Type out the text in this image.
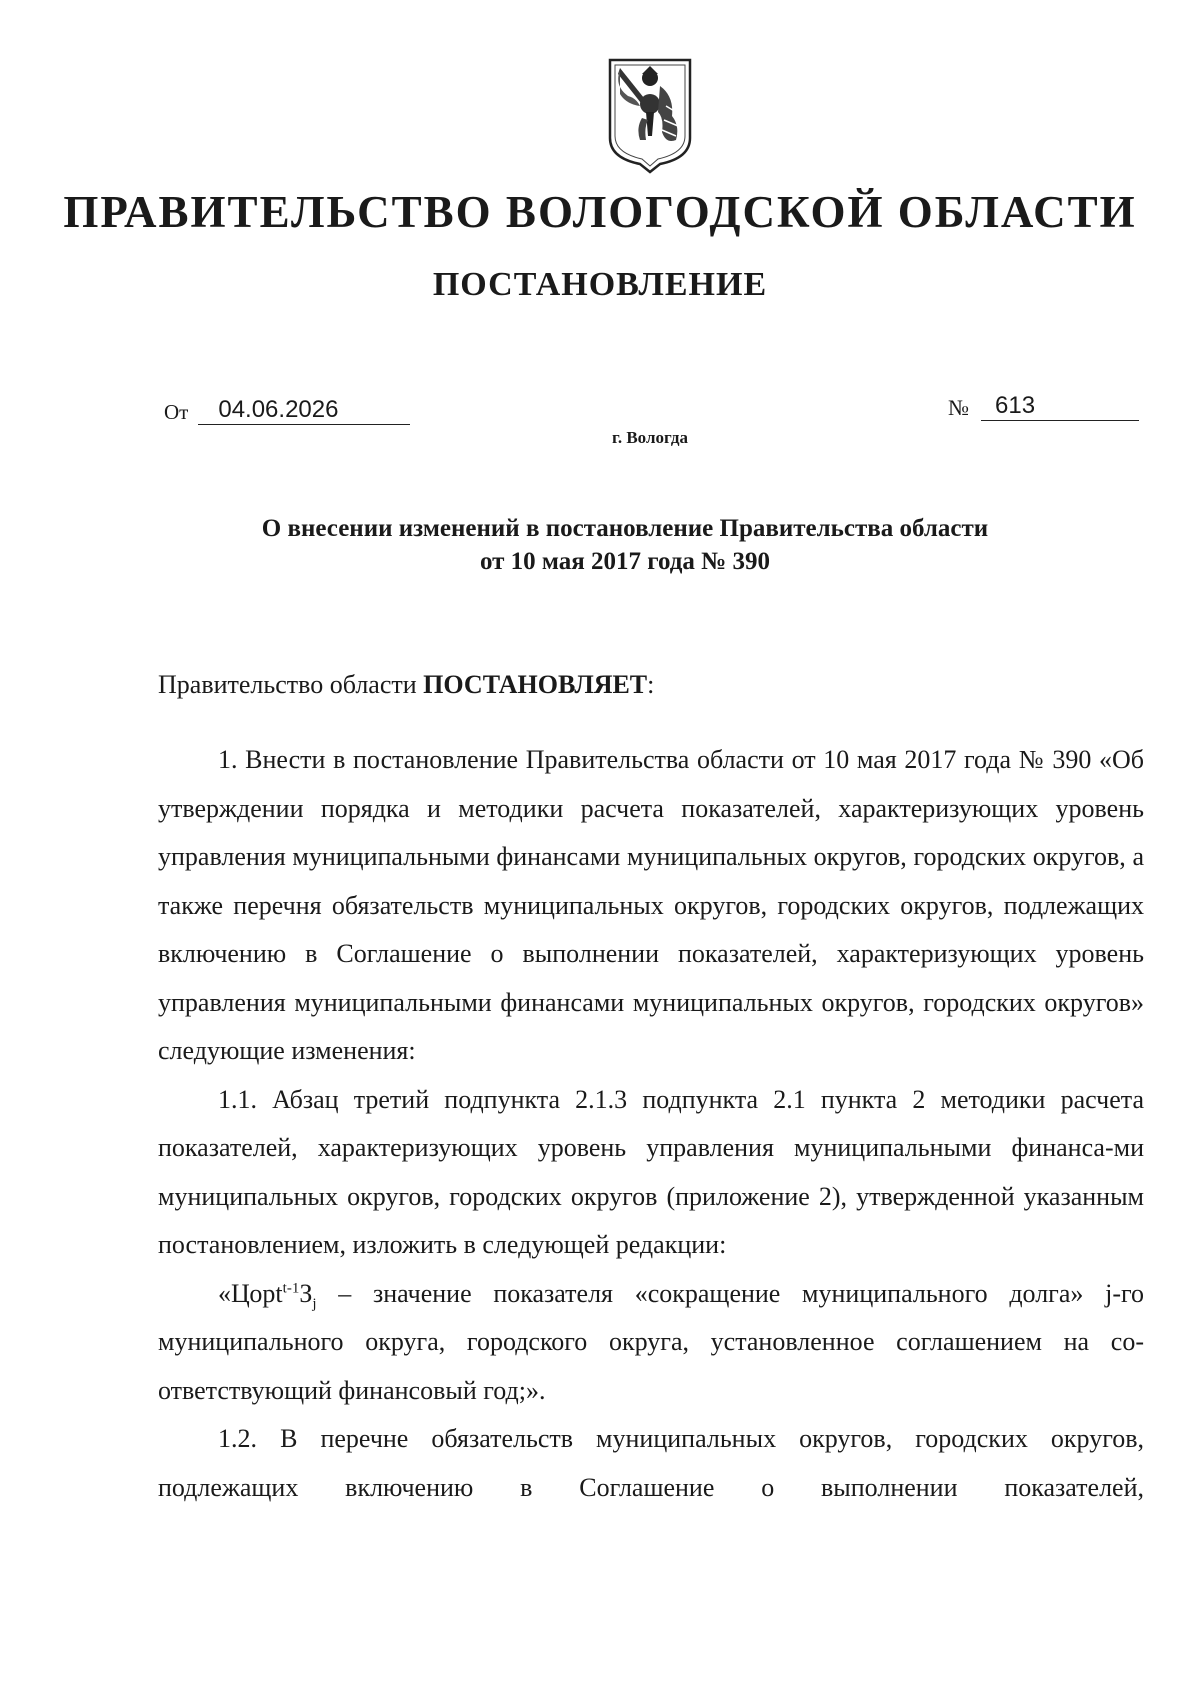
ПРАВИТЕЛЬСТВО ВОЛОГОДСКОЙ ОБЛАСТИ
ПОСТАНОВЛЕНИЕ
От	04.06.2026	№	613
г. Вологда
О внесении изменений в постановление Правительства области
от 10 мая 2017 года № 390
Правительство области ПОСТАНОВЛЯЕТ:

1. Внести в постановление Правительства области от 10 мая 2017 года № 390 «Об утверждении порядка и методики расчета показателей, характеризующих уровень управления муниципальными финансами муниципальных округов, городских округов, а также перечня обязательств муниципальных округов, городских округов, подлежащих включению в Соглашение о выполнении показателей, характеризующих уровень управления муниципальными финансами муниципальных округов, городских округов» следующие изменения:

1.1. Абзац третий подпункта 2.1.3 подпункта 2.1 пункта 2 методики расчета показателей, характеризующих уровень управления муниципальными финанса-ми муниципальных округов, городских округов (приложение 2), утвержденной указанным постановлением, изложить в следующей редакции:

«$Цорt^{t-1}З_j$ – значение показателя «сокращение муниципального долга» j-го муниципального округа, городского округа, установленное соглашением на со-ответствующий финансовый год;».

1.2. В перечне обязательств муниципальных округов, городских округов, подлежащих включению в Соглашение о выполнении показателей,
